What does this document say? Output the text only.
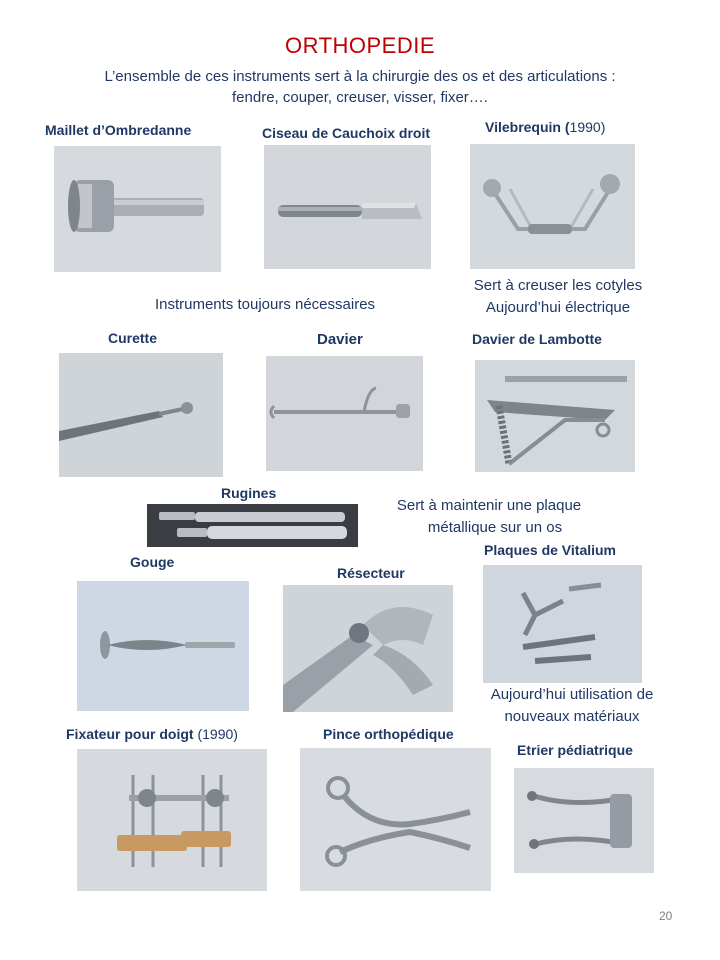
ORTHOPEDIE
L’ensemble de ces instruments sert à la chirurgie des os et des articulations :
fendre, couper, creuser, visser, fixer….
Maillet d’Ombredanne	Ciseau de Cauchoix droit	Vilebrequin (1990)
Sert à creuser les cotyles
Aujourd’hui électrique
Instruments toujours nécessaires
Curette	Davier	Davier de Lambotte
Rugines
Sert à maintenir une plaque
métallique sur un os
Plaques de Vitalium
Gouge
Résecteur
Aujourd’hui utilisation de
nouveaux matériaux
Fixateur pour doigt (1990)	Pince orthopédique
Etrier pédiatrique
20
